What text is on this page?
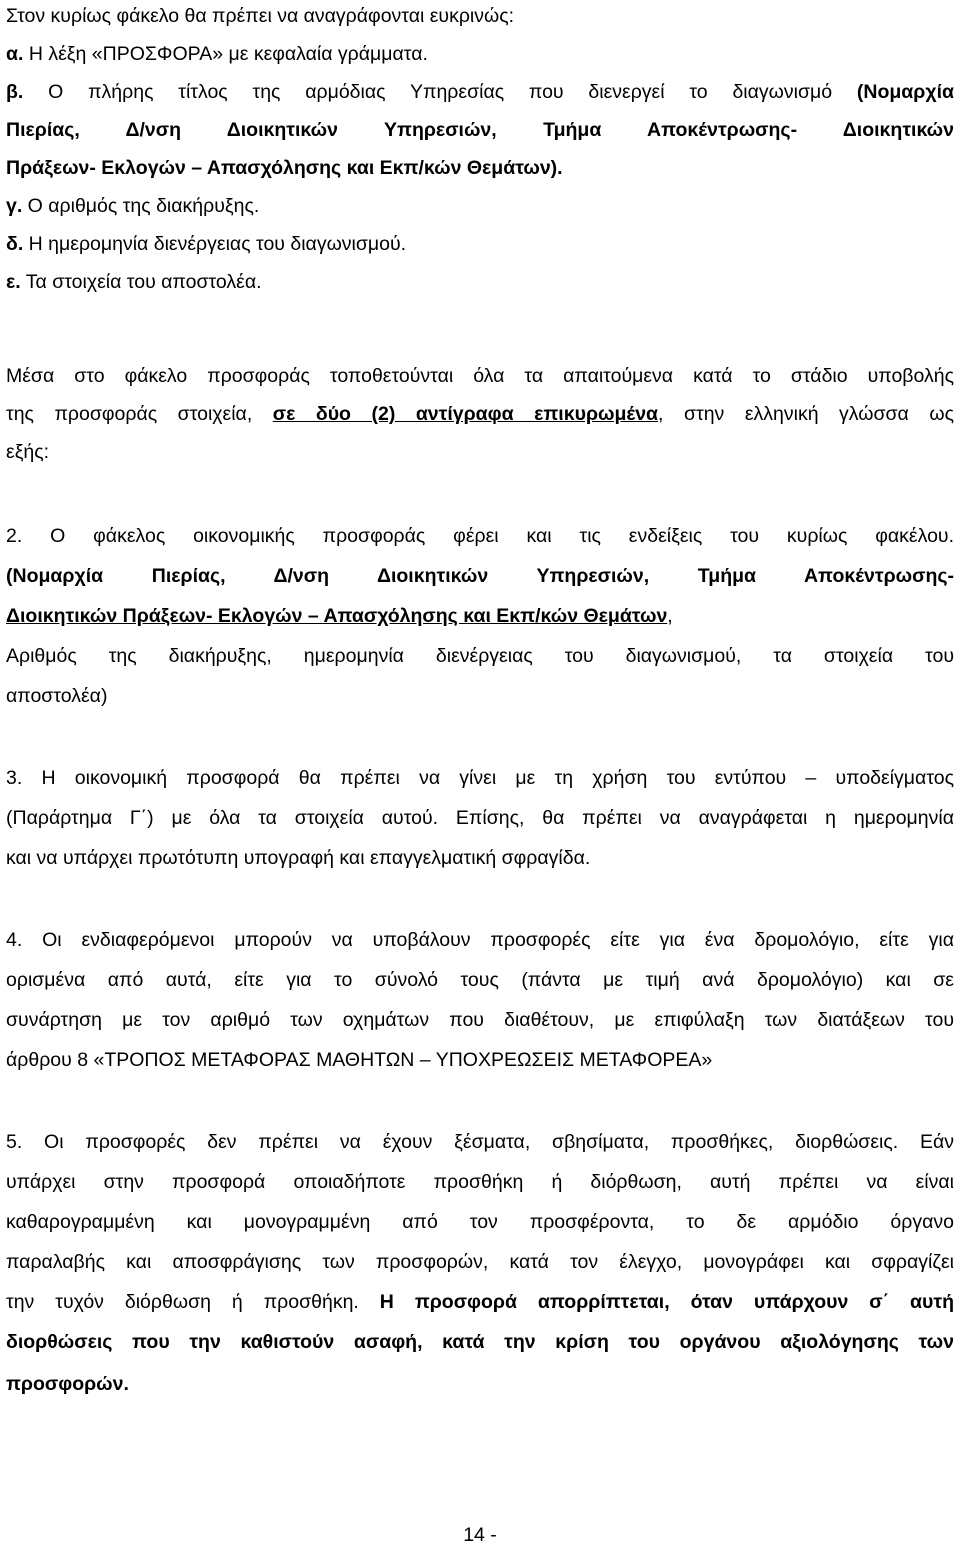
Στον κυρίως φάκελο θα πρέπει να αναγράφονται ευκρινώς:
α. Η λέξη «ΠΡΟΣΦΟΡΑ» με κεφαλαία γράμματα.
β. Ο πλήρης τίτλος της αρμόδιας Υπηρεσίας που διενεργεί το διαγωνισμό (Νομαρχία
Πιερίας, Δ/νση Διοικητικών Υπηρεσιών, Τμήμα Αποκέντρωσης- Διοικητικών
Πράξεων- Εκλογών – Απασχόλησης και Εκπ/κών Θεμάτων).
γ. Ο αριθμός της διακήρυξης.
δ. Η ημερομηνία διενέργειας του διαγωνισμού.
ε. Τα στοιχεία του αποστολέα.
Μέσα στο φάκελο προσφοράς τοποθετούνται όλα τα απαιτούμενα κατά το στάδιο υποβολής
της προσφοράς στοιχεία, σε δύο (2) αντίγραφα επικυρωμένα, στην ελληνική γλώσσα ως
εξής:
2. Ο φάκελος οικονομικής προσφοράς φέρει και τις ενδείξεις του κυρίως φακέλου.
(Νομαρχία Πιερίας, Δ/νση Διοικητικών Υπηρεσιών, Τμήμα Αποκέντρωσης-
Διοικητικών Πράξεων- Εκλογών – Απασχόλησης και Εκπ/κών Θεμάτων,
Αριθμός της διακήρυξης, ημερομηνία διενέργειας του διαγωνισμού, τα στοιχεία του
αποστολέα)
3. Η οικονομική προσφορά θα πρέπει να γίνει με τη χρήση του εντύπου – υποδείγματος
(Παράρτημα Γ΄) με όλα τα στοιχεία αυτού. Επίσης, θα πρέπει να αναγράφεται η ημερομηνία
και να υπάρχει πρωτότυπη υπογραφή και επαγγελματική σφραγίδα.
4. Οι ενδιαφερόμενοι μπορούν να υποβάλουν προσφορές είτε για ένα δρομολόγιο, είτε για
ορισμένα από αυτά, είτε για το σύνολό τους (πάντα με τιμή ανά δρομολόγιο) και σε
συνάρτηση με τον αριθμό των οχημάτων που διαθέτουν, με επιφύλαξη των διατάξεων του
άρθρου 8 «ΤΡΟΠΟΣ ΜΕΤΑΦΟΡΑΣ ΜΑΘΗΤΩΝ – ΥΠΟΧΡΕΩΣΕΙΣ ΜΕΤΑΦΟΡΕΑ»
5. Οι προσφορές δεν πρέπει να έχουν ξέσματα, σβησίματα, προσθήκες, διορθώσεις. Εάν
υπάρχει στην προσφορά οποιαδήποτε προσθήκη ή διόρθωση, αυτή πρέπει να είναι
καθαρογραμμένη και μονογραμμένη από τον προσφέροντα, το δε αρμόδιο όργανο
παραλαβής και αποσφράγισης των προσφορών, κατά τον έλεγχο, μονογράφει και σφραγίζει
την τυχόν διόρθωση ή προσθήκη. Η προσφορά απορρίπτεται, όταν υπάρχουν σ΄ αυτή
διορθώσεις που την καθιστούν ασαφή, κατά την κρίση του οργάνου αξιολόγησης των
προσφορών.
14 -
